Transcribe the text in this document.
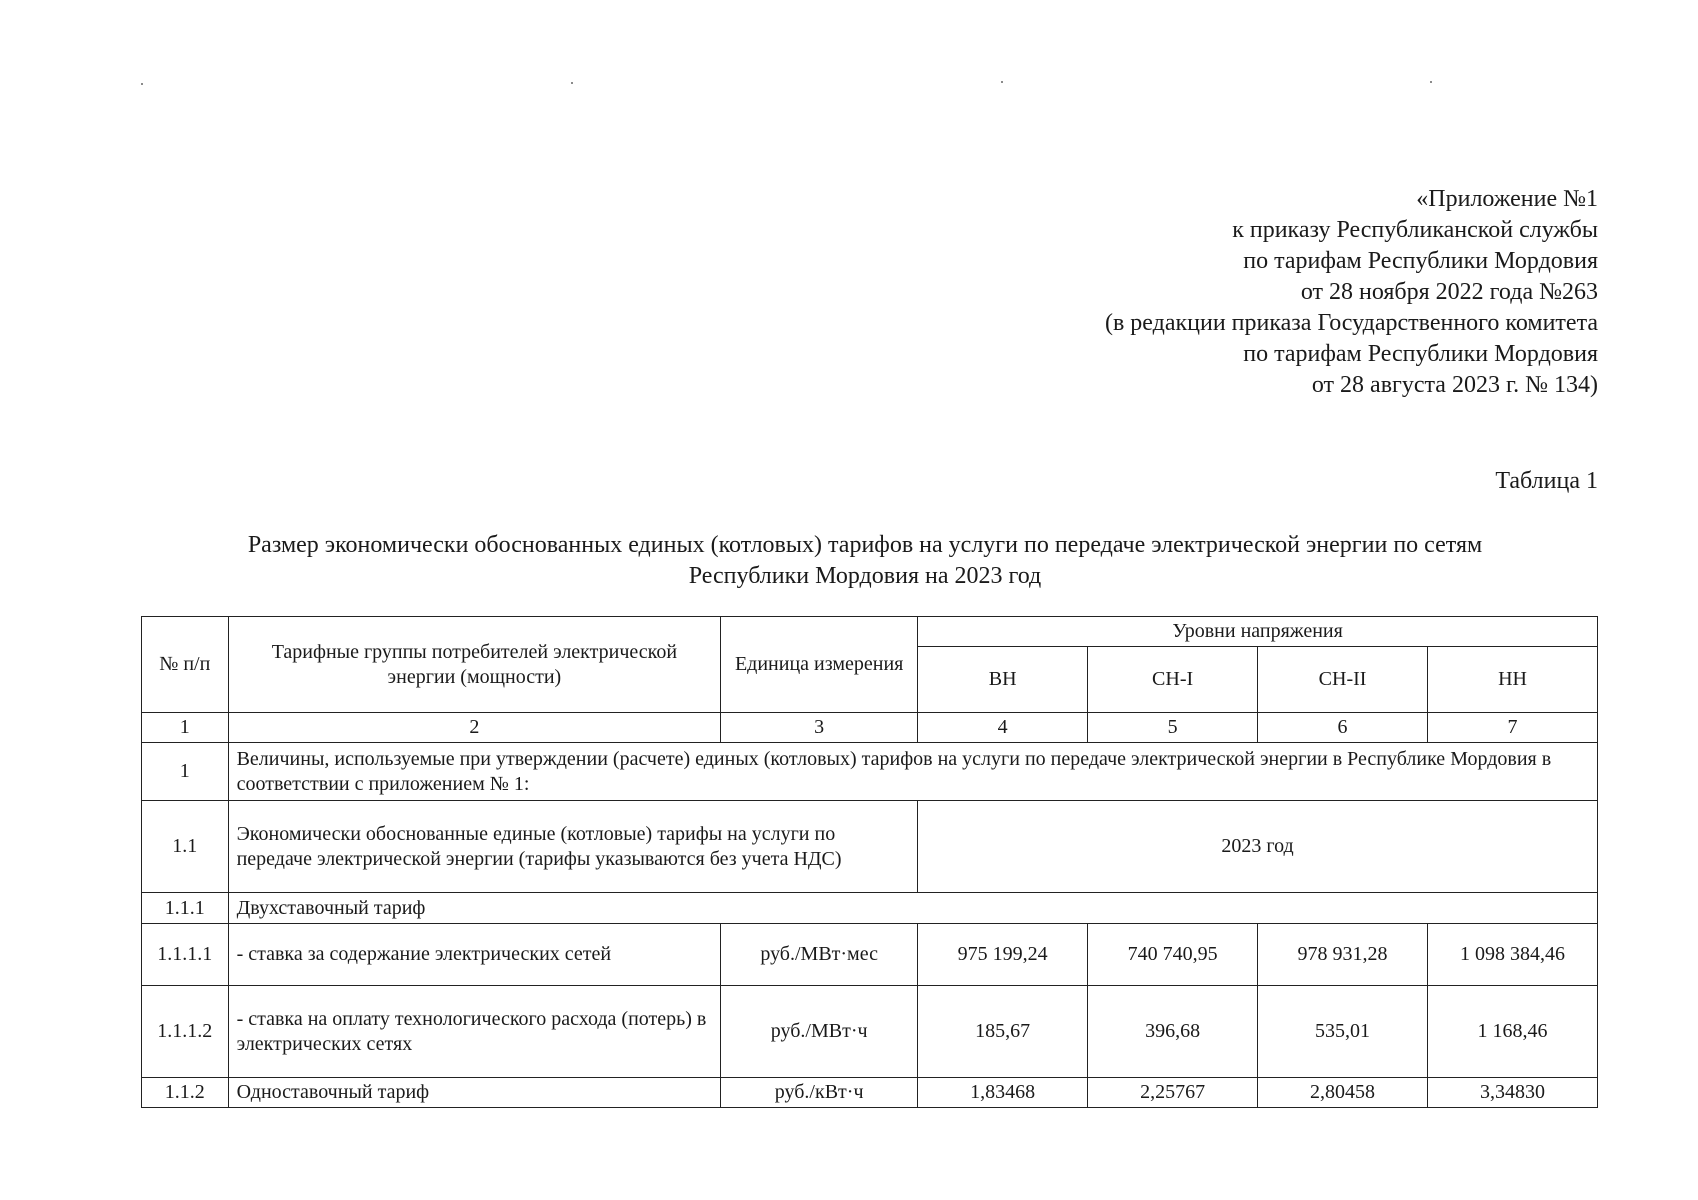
«Приложение №1
к приказу Республиканской службы
по тарифам Республики Мордовия
от 28 ноября 2022 года №263
(в редакции приказа Государственного комитета
по тарифам Республики Мордовия
от 28 августа 2023 г. № 134)
Таблица 1
Размер экономически обоснованных единых (котловых) тарифов на услуги по передаче электрической энергии по сетям
Республики Мордовия на 2023 год
№ п/п	Тарифные группы потребителей электрической энергии (мощности)	Единица измерения	Уровни напряжения			
			ВН	СН-I	СН-II	НН
1	2	3	4	5	6	7
1	Величины, используемые при утверждении (расчете) единых (котловых) тарифов на услуги по передаче электрической энергии в Республике Мордовия в соответствии с приложением № 1:					
1.1	Экономически обоснованные единые (котловые) тарифы на услуги по передаче электрической энергии (тарифы указываются без учета НДС)		2023 год			
1.1.1	Двухставочный тариф					
1.1.1.1	- ставка за содержание электрических сетей	руб./МВт·мес	975 199,24	740 740,95	978 931,28	1 098 384,46
1.1.1.2	- ставка на оплату технологического расхода (потерь) в электрических сетях	руб./МВт·ч	185,67	396,68	535,01	1 168,46
1.1.2	Одноставочный тариф	руб./кВт·ч	1,83468	2,25767	2,80458	3,34830
